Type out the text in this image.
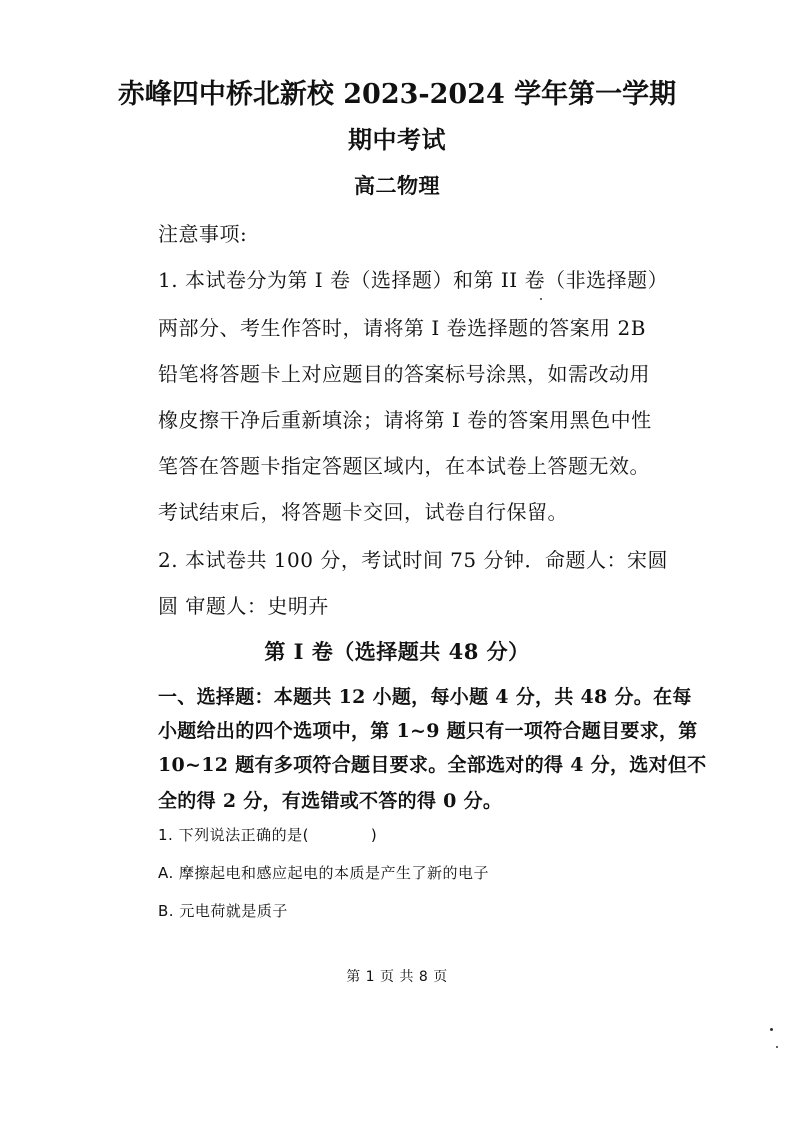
赤峰四中桥北新校 2023-2024 学年第一学期
期中考试
高二物理
注意事项:
1. 本试卷分为第 I 卷（选择题）和第 II 卷（非选择题）
两部分、考生作答时，请将第 I 卷选择题的答案用 2B
铅笔将答题卡上对应题目的答案标号涂黑，如需改动用
橡皮擦干净后重新填涂；请将第 I 卷的答案用黑色中性
笔答在答题卡指定答题区域内，在本试卷上答题无效。
考试结束后，将答题卡交回，试卷自行保留。
2. 本试卷共 100 分，考试时间 75 分钟．命题人：宋圆
圆 审题人：史明卉
第 I 卷（选择题共 48 分）
一、选择题：本题共 12 小题，每小题 4 分，共 48 分。在每
小题给出的四个选项中，第 1~9 题只有一项符合题目要求，第
10~12 题有多项符合题目要求。全部选对的得 4 分，选对但不
全的得 2 分，有选错或不答的得 0 分。
1. 下列说法正确的是(　　　　)
A. 摩擦起电和感应起电的本质是产生了新的电子
B. 元电荷就是质子
第 1 页 共 8 页
